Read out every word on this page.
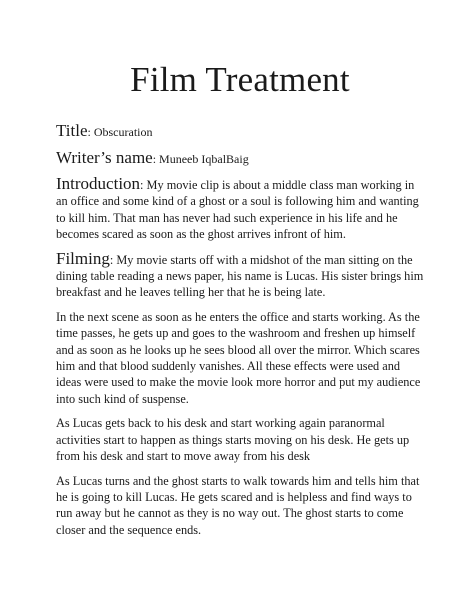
Film Treatment
Title: Obscuration
Writer’s name: Muneeb IqbalBaig

Introduction: My movie clip is about a middle class man working in an office and some kind of a ghost or a soul is following him and wanting to kill him. That man has never had such experience in his life and he becomes scared as soon as the ghost arrives infront of him.

Filming: My movie starts off with a midshot of the man sitting on the dining table reading a news paper, his name is Lucas. His sister brings him breakfast and he leaves telling her that he is being late.

In the next scene as soon as he enters the office and starts working. As the time passes, he gets up and goes to the washroom and freshen up himself and as soon as he looks up he sees blood all over the mirror. Which scares him and that blood suddenly vanishes. All these effects were used and ideas were used to make the movie look more horror and put my audience into such kind of suspense.

As Lucas gets back to his desk and start working again paranormal activities start to happen as things starts moving on his desk. He gets up from his desk and start to move away from his desk

As Lucas turns and the ghost starts to walk towards him and tells him that he is going to kill Lucas. He gets scared and is helpless and find ways to run away but he cannot as they is no way out. The ghost starts to come closer and the sequence ends.
